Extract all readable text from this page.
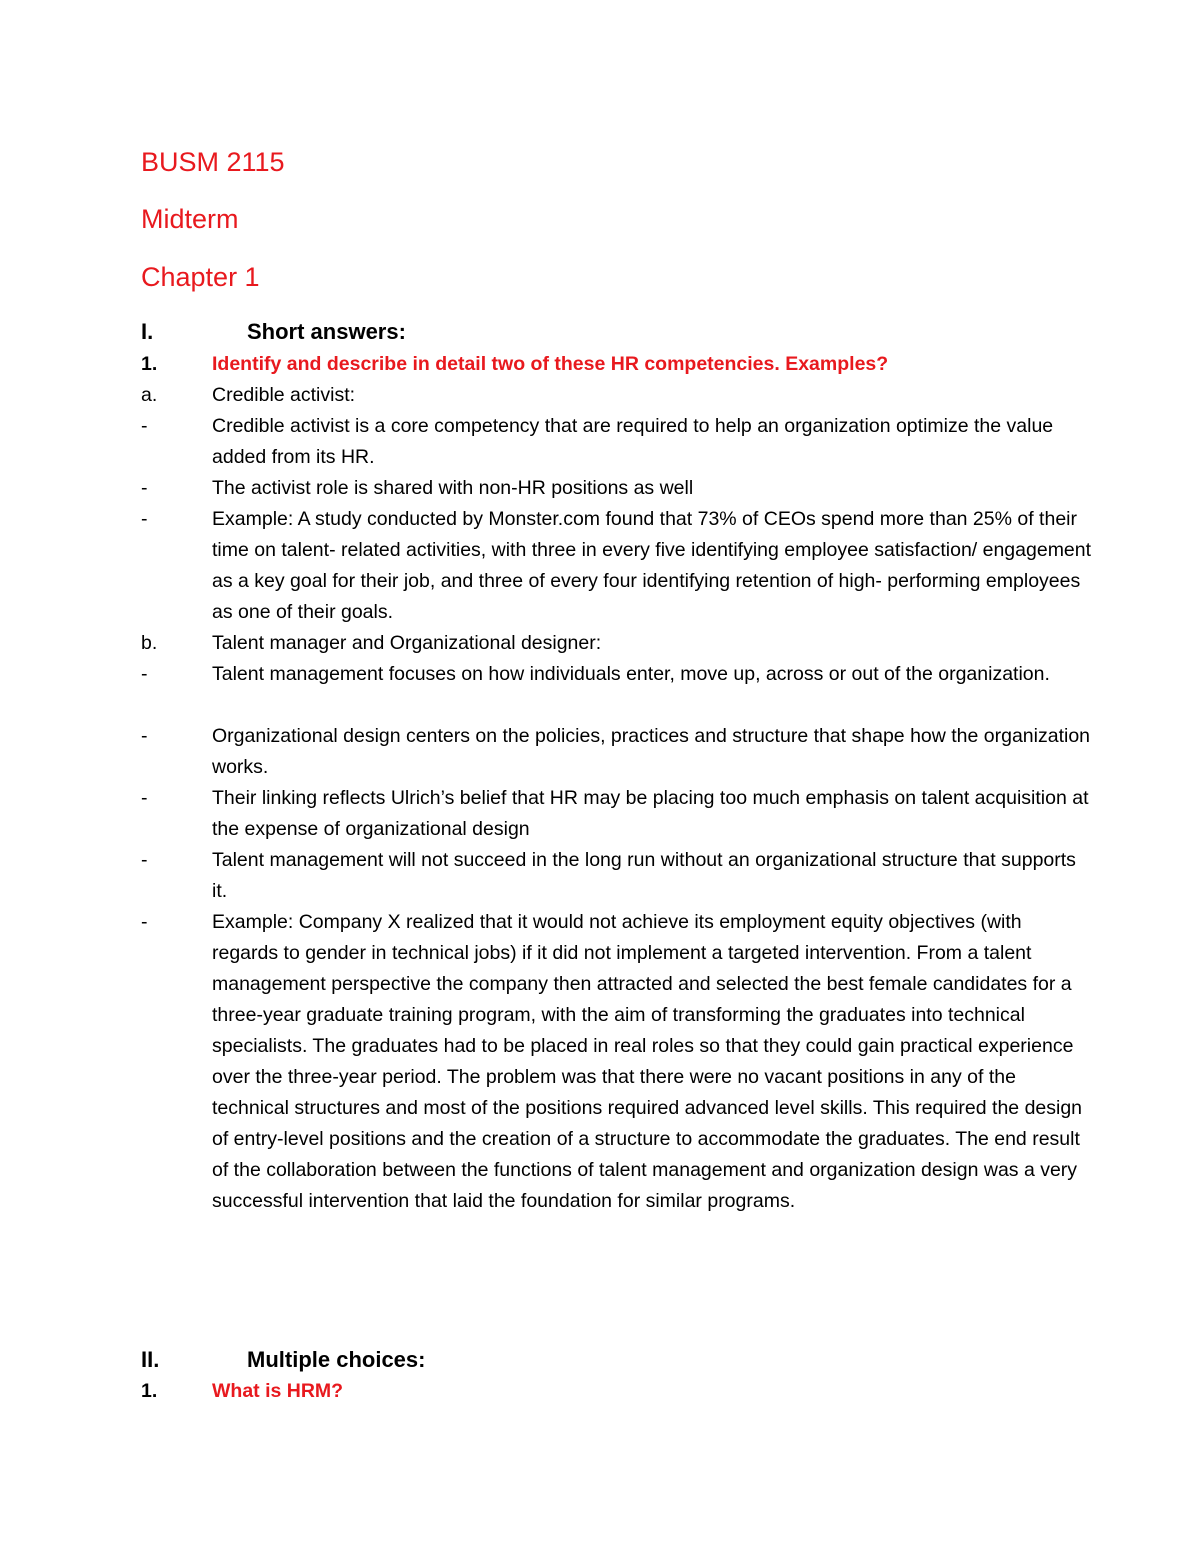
BUSM 2115
Midterm
Chapter 1
I.	Short answers:
1.	Identify and describe in detail two of these HR competencies. Examples?
a.	Credible activist:
-	Credible activist is a core competency that are required to help an organization optimize the value added from its HR.
-	The activist role is shared with non-HR positions as well
-	Example: A study conducted by Monster.com found that 73% of CEOs spend more than 25% of their time on talent- related activities, with three in every five identifying employee satisfaction/ engagement as a key goal for their job, and three of every four identifying retention of high- performing employees as one of their goals.
b.	Talent manager and Organizational designer:
-	Talent management focuses on how individuals enter, move up, across or out of the organization.
-	Organizational design centers on the policies, practices and structure that shape how the organization works.
-	Their linking reflects Ulrich’s belief that HR may be placing too much emphasis on talent acquisition at the expense of organizational design
-	Talent management will not succeed in the long run without an organizational structure that supports it.
-	Example: Company X realized that it would not achieve its employment equity objectives (with regards to gender in technical jobs) if it did not implement a targeted intervention. From a talent management perspective the company then attracted and selected the best female candidates for a three-year graduate training program, with the aim of transforming the graduates into technical specialists. The graduates had to be placed in real roles so that they could gain practical experience over the three-year period. The problem was that there were no vacant positions in any of the technical structures and most of the positions required advanced level skills. This required the design of entry-level positions and the creation of a structure to accommodate the graduates. The end result of the collaboration between the functions of talent management and organization design was a very successful intervention that laid the foundation for similar programs.
II.	Multiple choices:
1.	What is HRM?
